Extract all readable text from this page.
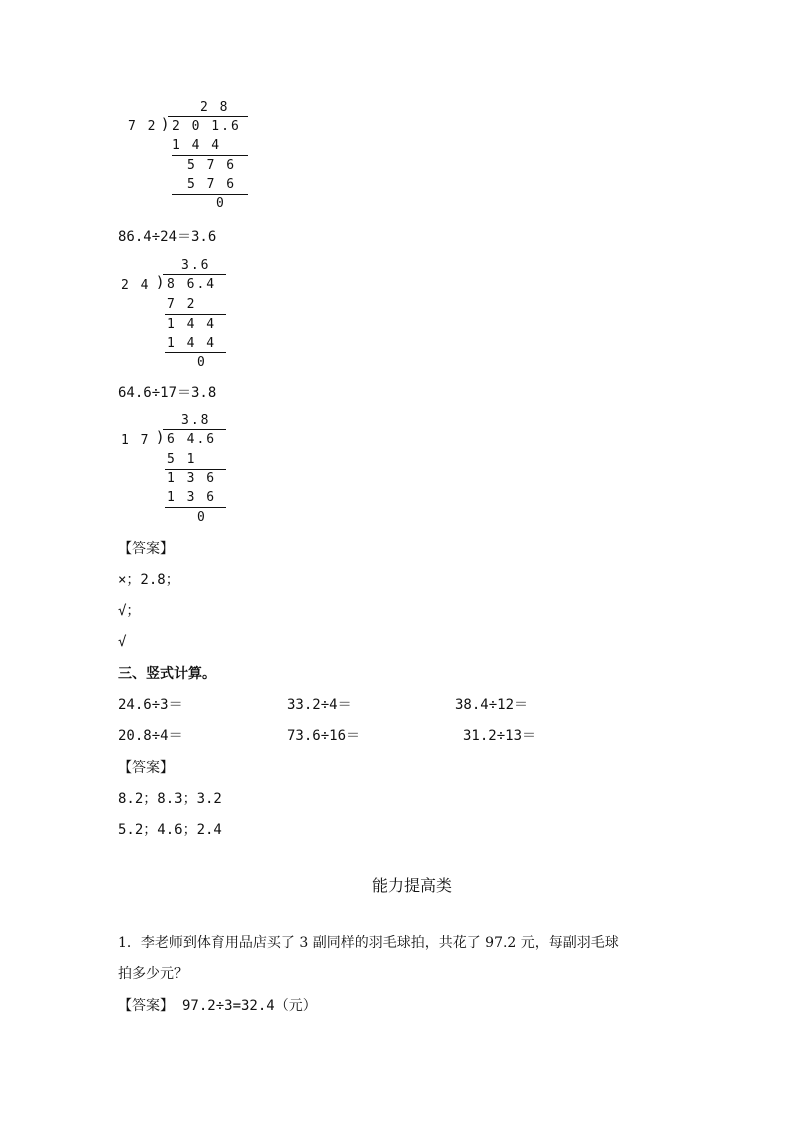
2 8
7 2 ) 2 0 1.6
1 4 4
5 7 6
5 7 6
0
86.4÷24＝3.6
3.6
2 4 ) 8 6.4
7 2
1 4 4
1 4 4
0
64.6÷17＝3.8
3.8
1 7 ) 6 4.6
5 1
1 3 6
1 3 6
0
【答案】
×；2.8；
√；
√
三、竖式计算。
24.6÷3＝	33.2÷4＝	38.4÷12＝
20.8÷4＝	73.6÷16＝	31.2÷13＝
【答案】
8.2；8.3；3.2
5.2；4.6；2.4
能力提高类
1．李老师到体育用品店买了 3 副同样的羽毛球拍，共花了 97.2 元，每副羽毛球
拍多少元？
【答案】 97.2÷3=32.4（元）
